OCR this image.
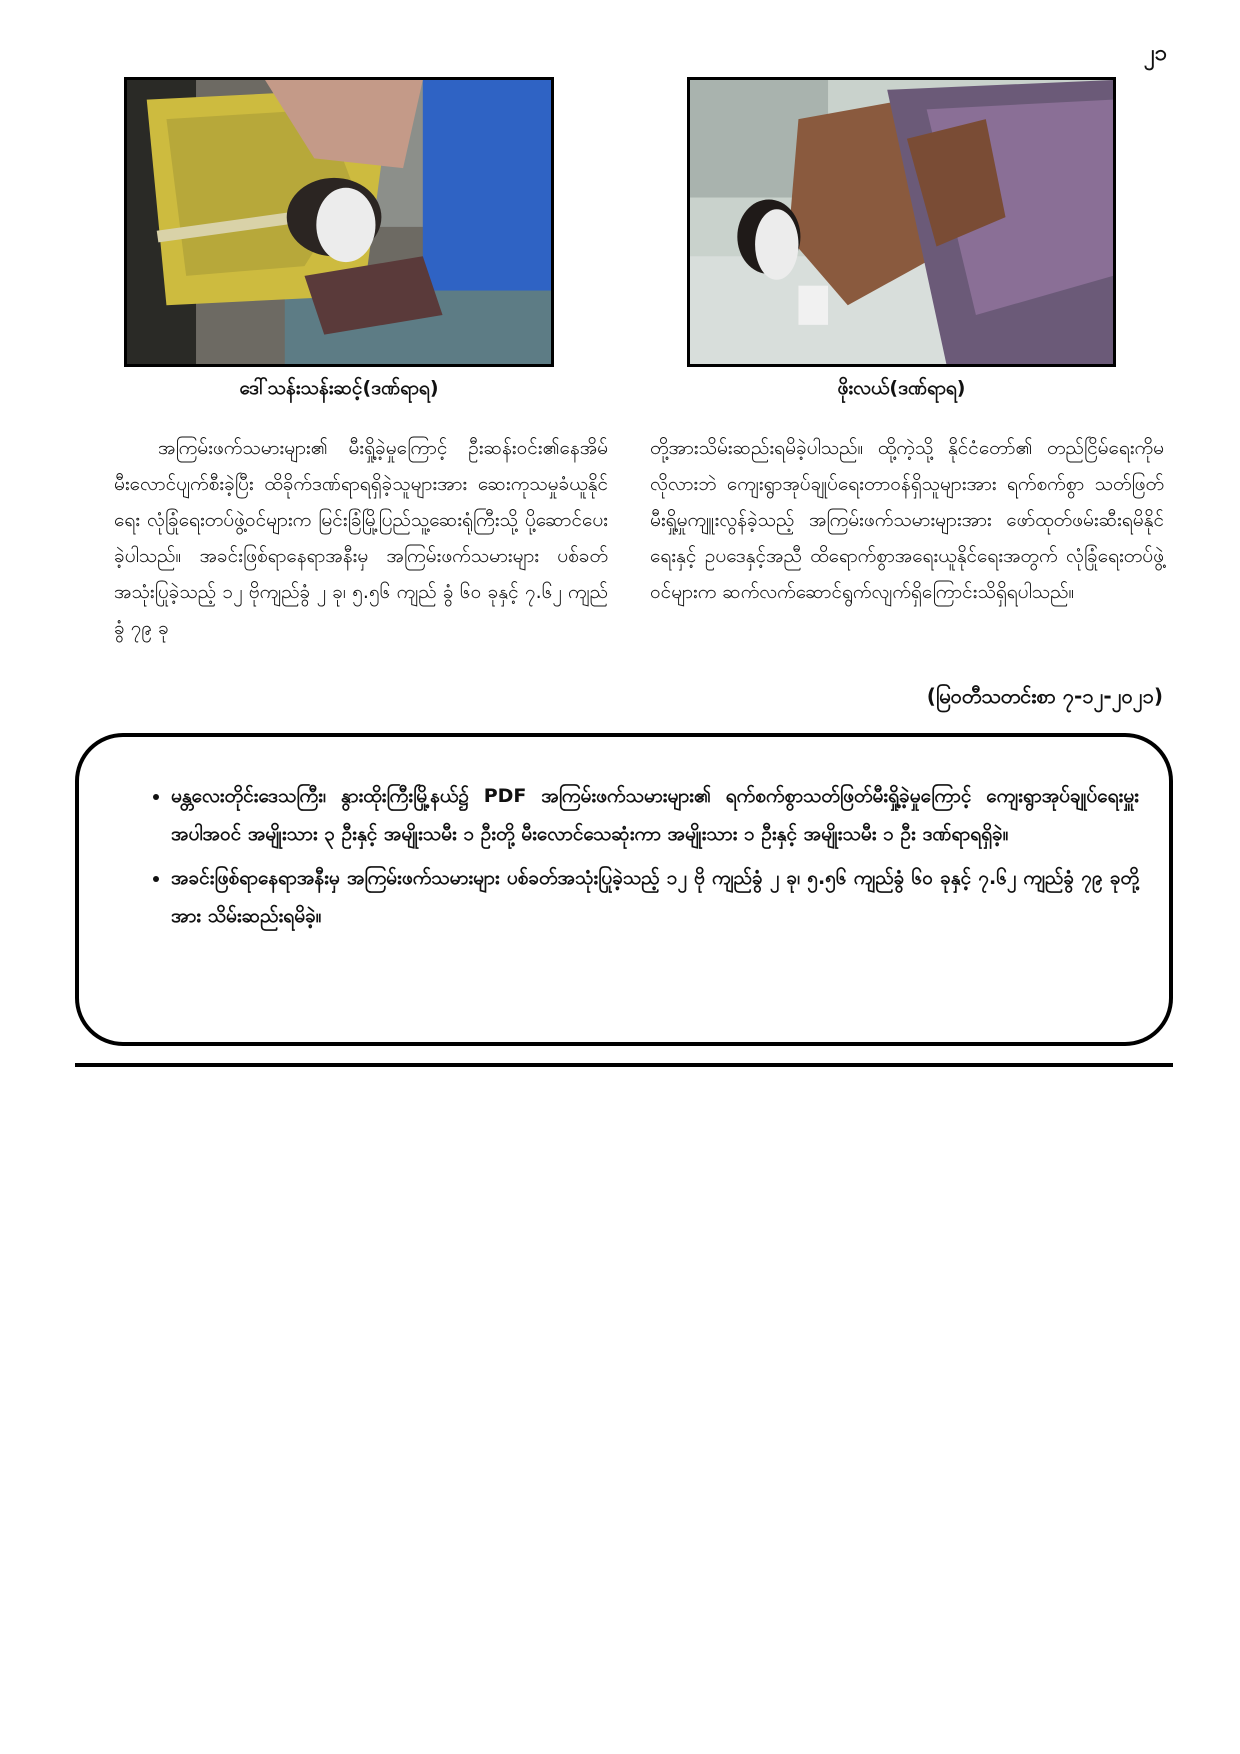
၂၁
ဒေါ်သန်းသန်းဆင့်(ဒဏ်ရာရ)	ဖိုးလယ်(ဒဏ်ရာရ)
အကြမ်းဖက်သမားများ၏ မီးရှို့ခဲ့မှုကြောင့် ဦးဆန်းဝင်း၏နေအိမ် မီးလောင်ပျက်စီးခဲ့ပြီး ထိခိုက်ဒဏ်ရာရရှိခဲ့သူများအား ဆေးကုသမှုခံယူနိုင်ရေး လုံခြုံရေးတပ်ဖွဲ့ဝင်များက မြင်းခြံမြို့ပြည်သူ့ဆေးရုံကြီးသို့ ပို့ဆောင်ပေးခဲ့ပါသည်။ အခင်းဖြစ်ရာနေရာအနီးမှ အကြမ်းဖက်သမားများ ပစ်ခတ်အသုံးပြုခဲ့သည့် ၁၂ ဗိုကျည်ခွံ ၂ ခု၊ ၅.၅၆ ကျည် ခွံ ၆၀ ခုနှင့် ၇.၆၂ ကျည်ခွံ ၇၉ ခု
တို့အားသိမ်းဆည်းရမိခဲ့ပါသည်။ ထို့ကဲ့သို့ နိုင်ငံတော်၏ တည်ငြိမ်ရေးကိုမလိုလားဘဲ ကျေးရွာအုပ်ချုပ်ရေးတာဝန်ရှိသူများအား ရက်စက်စွာ သတ်ဖြတ်မီးရှို့မှုကျူးလွန်ခဲ့သည့် အကြမ်းဖက်သမားများအား ဖော်ထုတ်ဖမ်းဆီးရမိနိုင်ရေးနှင့် ဥပဒေနှင့်အညီ ထိရောက်စွာအရေးယူနိုင်ရေးအတွက် လုံခြုံရေးတပ်ဖွဲ့ဝင်များက ဆက်လက်ဆောင်ရွက်လျက်ရှိကြောင်းသိရှိရပါသည်။
(မြဝတီသတင်းစာ ၇-၁၂-၂၀၂၁)
• မန္တလေးတိုင်းဒေသကြီး၊ နွားထိုးကြီးမြို့နယ်၌ PDF အကြမ်းဖက်သမားများ၏ ရက်စက်စွာသတ်ဖြတ်မီးရှို့ခဲ့မှုကြောင့် ကျေးရွာအုပ်ချုပ်ရေးမှူးအပါအဝင် အမျိုးသား ၃ ဦးနှင့် အမျိုးသမီး ၁ ဦးတို့ မီးလောင်သေဆုံးကာ အမျိုးသား ၁ ဦးနှင့် အမျိုးသမီး ၁ ဦး ဒဏ်ရာရရှိခဲ့။
• အခင်းဖြစ်ရာနေရာအနီးမှ အကြမ်းဖက်သမားများ ပစ်ခတ်အသုံးပြုခဲ့သည့် ၁၂ ဗို ကျည်ခွံ ၂ ခု၊ ၅.၅၆ ကျည်ခွံ ၆၀ ခုနှင့် ၇.၆၂ ကျည်ခွံ ၇၉ ခုတို့အား သိမ်းဆည်းရမိခဲ့။
